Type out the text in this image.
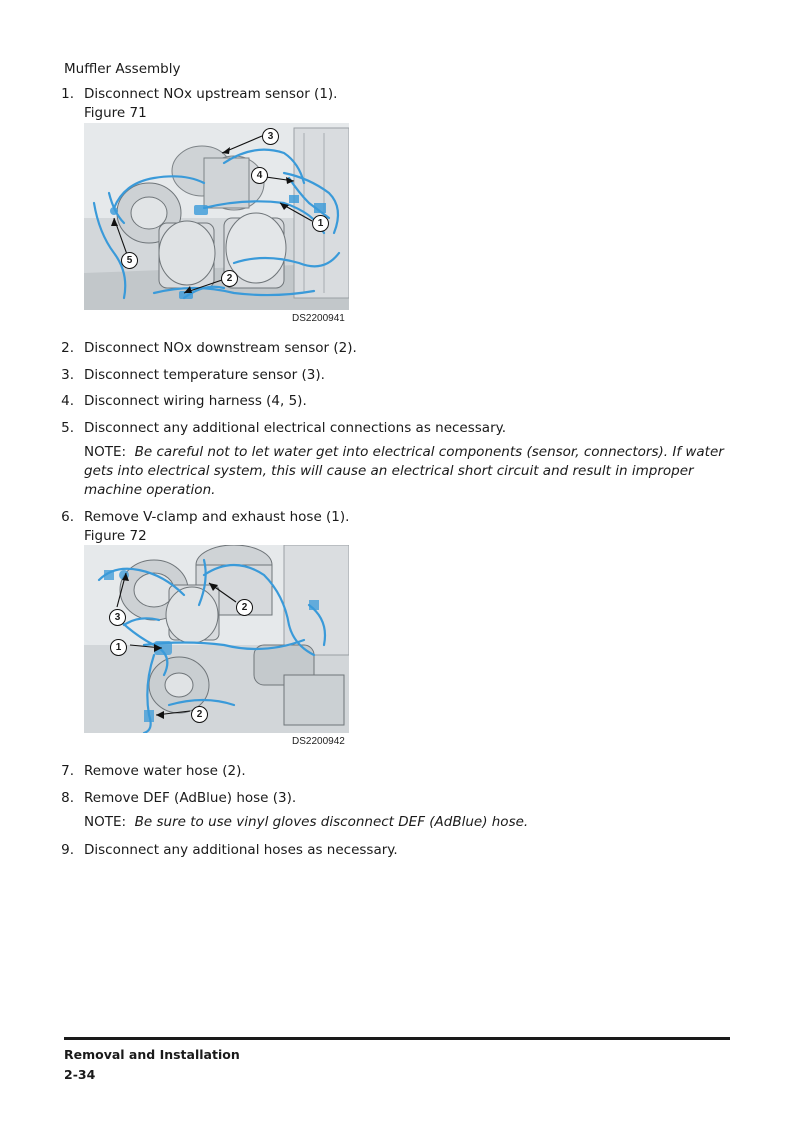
Muffler Assembly
1. Disconnect NOx upstream sensor (1).
Figure 71
3
4
1
5
2
DS2200941
2. Disconnect NOx downstream sensor (2).
3. Disconnect temperature sensor (3).
4. Disconnect wiring harness (4, 5).
5. Disconnect any additional electrical connections as necessary.
NOTE: Be careful not to let water get into electrical components (sensor, connectors). If water
gets into electrical system, this will cause an electrical short circuit and result in improper
machine operation.
6. Remove V-clamp and exhaust hose (1).
Figure 72
3
2
1
2
DS2200942
7. Remove water hose (2).
8. Remove DEF (AdBlue) hose (3).
NOTE: Be sure to use vinyl gloves disconnect DEF (AdBlue) hose.
9. Disconnect any additional hoses as necessary.
Removal and Installation
2-34
